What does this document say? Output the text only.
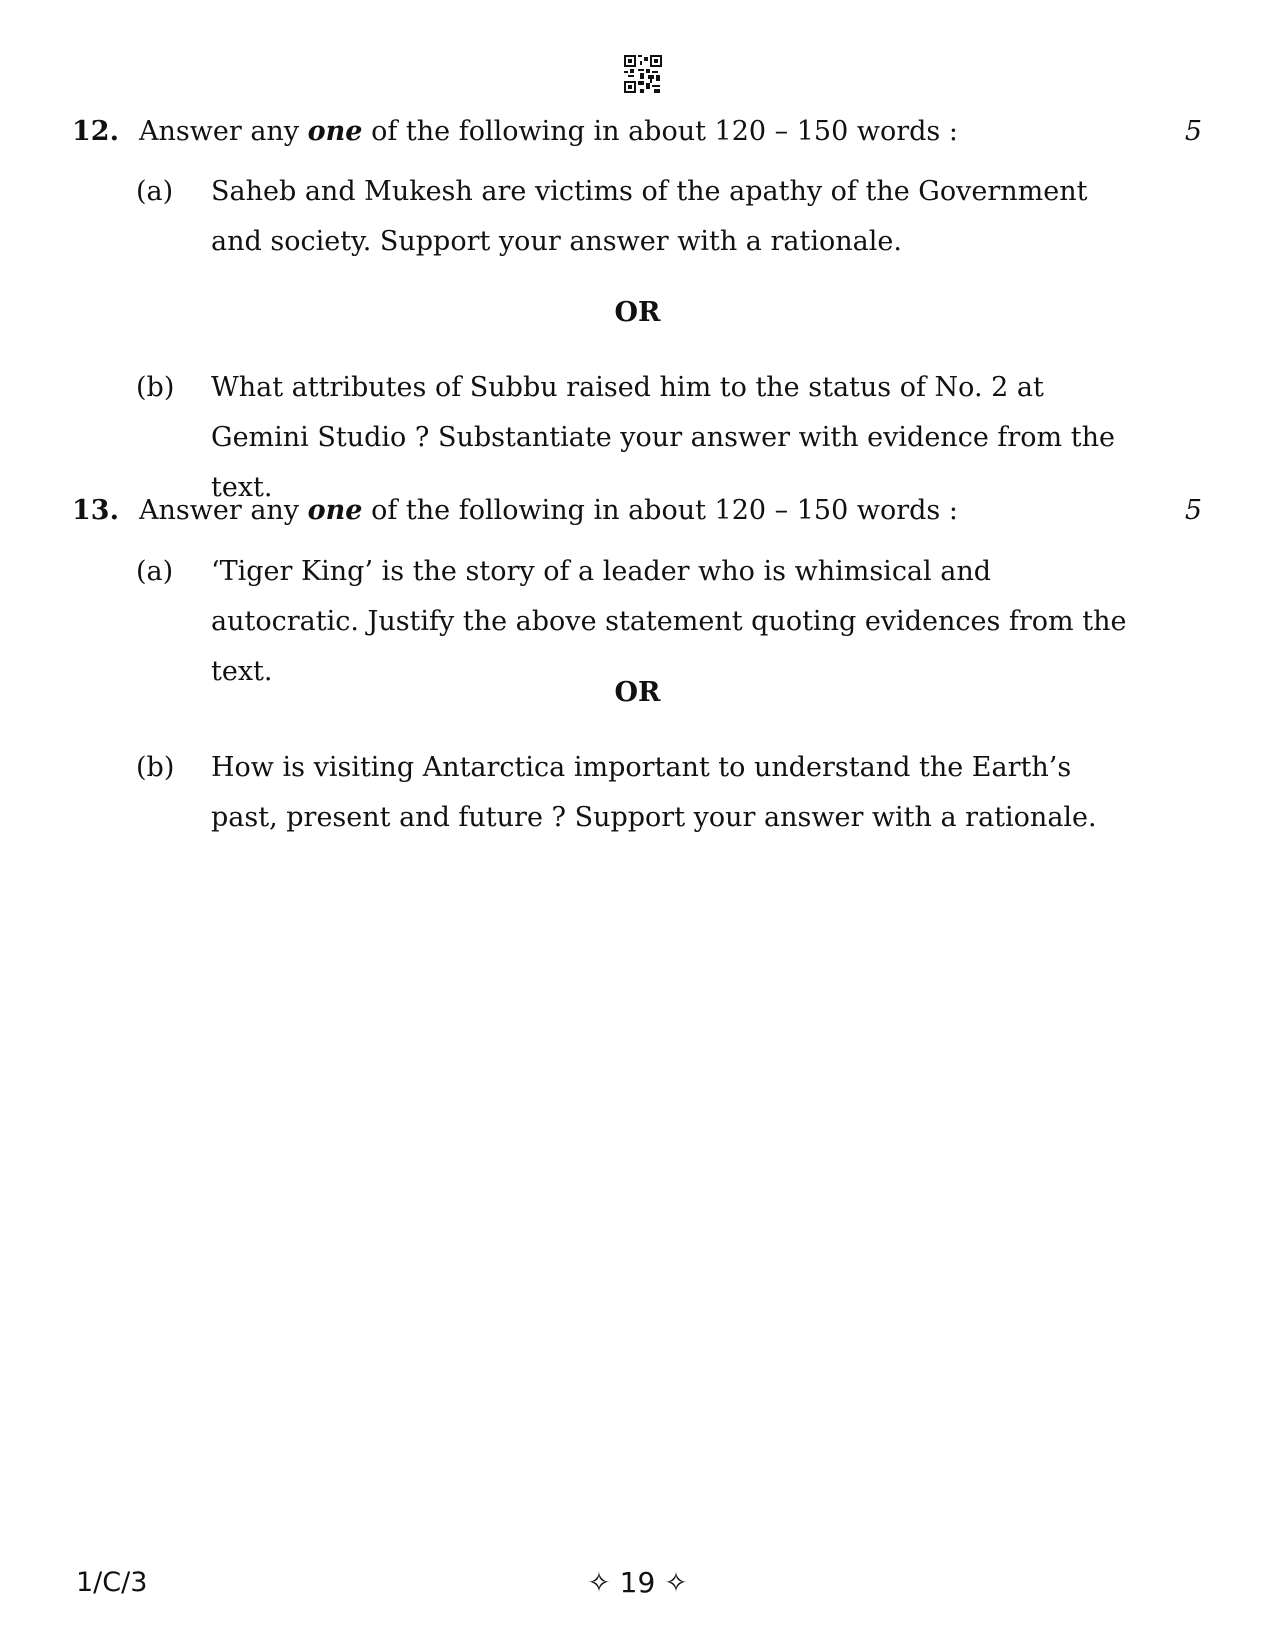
12. Answer any one of the following in about 120 – 150 words :	5
(a) Saheb and Mukesh are victims of the apathy of the Government and society. Support your answer with a rationale.
OR
(b) What attributes of Subbu raised him to the status of No. 2 at Gemini Studio ? Substantiate your answer with evidence from the text.
13. Answer any one of the following in about 120 – 150 words :	5
(a) ‘Tiger King’ is the story of a leader who is whimsical and autocratic. Justify the above statement quoting evidences from the text.
OR
(b) How is visiting Antarctica important to understand the Earth’s past, present and future ? Support your answer with a rationale.
1/C/3	✧ 19 ✧
